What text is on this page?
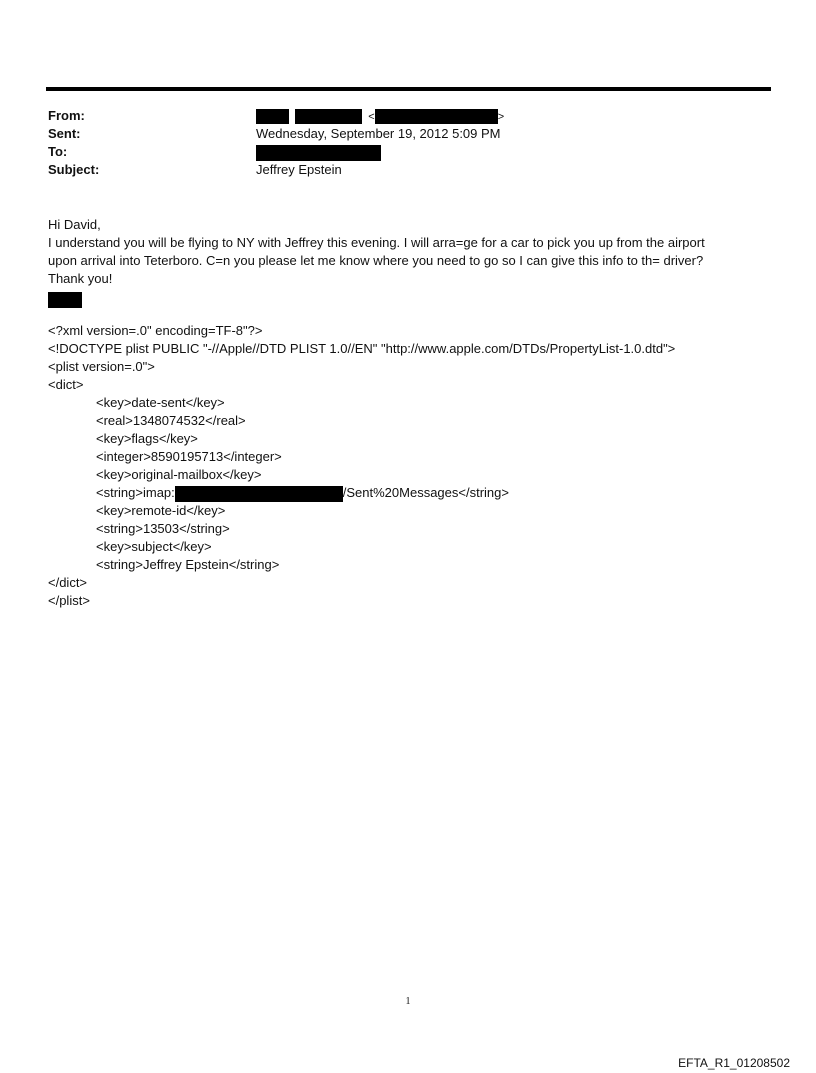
From:
Sent:
To:
Subject:
<	>
Wednesday, September 19, 2012 5:09 PM
Jeffrey Epstein
Hi David,
I understand you will be flying to NY with Jeffrey this evening. I will arra=ge for a car to pick you up from the airport
upon arrival into Teterboro. C=n you please let me know where you need to go so I can give this info to th= driver?
Thank you!
<?xml version=.0" encoding=TF-8"?>
<!DOCTYPE plist PUBLIC "-//Apple//DTD PLIST 1.0//EN" "http://www.apple.com/DTDs/PropertyList-1.0.dtd">
<plist version=.0">
<dict>
<key>date-sent</key>
<real>1348074532</real>
<key>flags</key>
<integer>8590195713</integer>
<key>original-mailbox</key>
<string>imap:	/Sent%20Messages</string>
<key>remote-id</key>
<string>13503</string>
<key>subject</key>
<string>Jeffrey Epstein</string>
</dict>
</plist>
1
EFTA_R1_01208502
